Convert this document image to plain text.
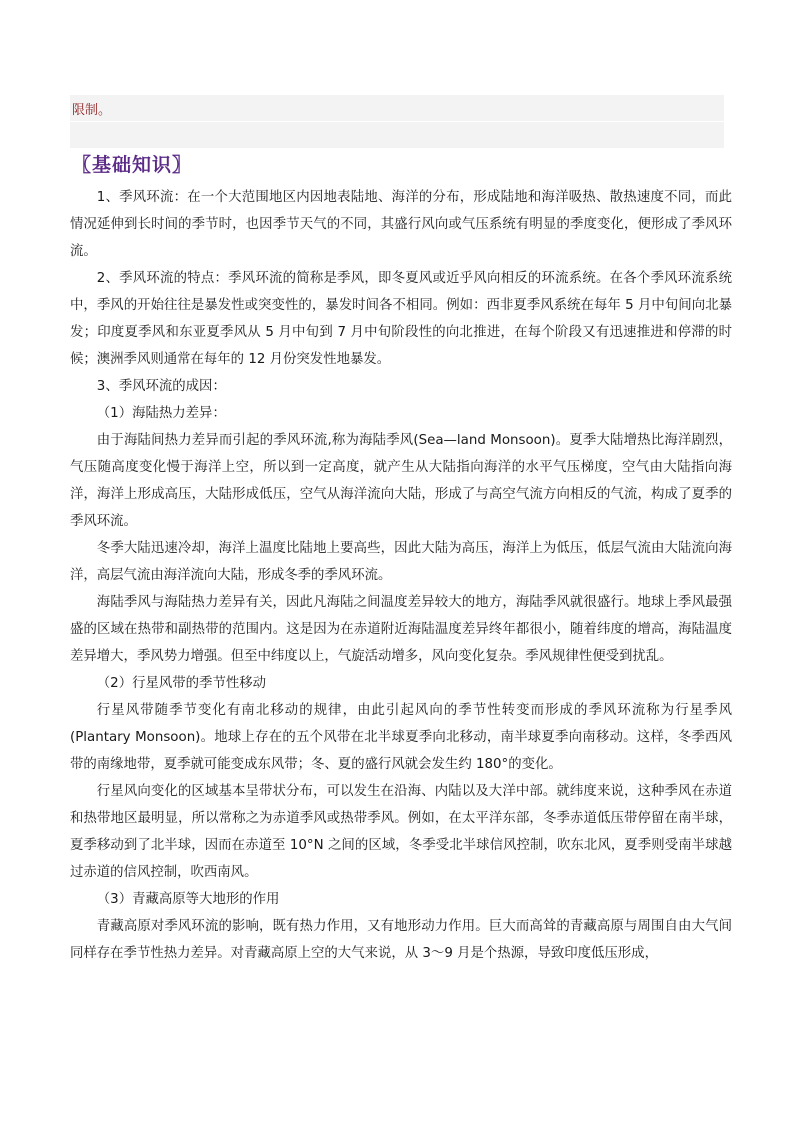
限制。
〖基础知识〗

1、季风环流：在一个大范围地区内因地表陆地、海洋的分布，形成陆地和海洋吸热、散热速度不同，而此情况延伸到长时间的季节时，也因季节天气的不同，其盛行风向或气压系统有明显的季度变化，便形成了季风环流。

2、季风环流的特点：季风环流的简称是季风，即冬夏风或近乎风向相反的环流系统。在各个季风环流系统中，季风的开始往往是暴发性或突变性的，暴发时间各不相同。例如：西非夏季风系统在每年 5 月中旬间向北暴发；印度夏季风和东亚夏季风从 5 月中旬到 7 月中旬阶段性的向北推进，在每个阶段又有迅速推进和停滞的时候；澳洲季风则通常在每年的 12 月份突发性地暴发。

3、季风环流的成因：

（1）海陆热力差异：

由于海陆间热力差异而引起的季风环流,称为海陆季风(Sea—land Monsoon)。夏季大陆增热比海洋剧烈，气压随高度变化慢于海洋上空，所以到一定高度，就产生从大陆指向海洋的水平气压梯度，空气由大陆指向海洋，海洋上形成高压，大陆形成低压，空气从海洋流向大陆，形成了与高空气流方向相反的气流，构成了夏季的季风环流。

冬季大陆迅速冷却，海洋上温度比陆地上要高些，因此大陆为高压，海洋上为低压，低层气流由大陆流向海洋，高层气流由海洋流向大陆，形成冬季的季风环流。

海陆季风与海陆热力差异有关，因此凡海陆之间温度差异较大的地方，海陆季风就很盛行。地球上季风最强盛的区域在热带和副热带的范围内。这是因为在赤道附近海陆温度差异终年都很小，随着纬度的增高，海陆温度差异增大，季风势力增强。但至中纬度以上，气旋活动增多，风向变化复杂。季风规律性便受到扰乱。

（2）行星风带的季节性移动

行星风带随季节变化有南北移动的规律，由此引起风向的季节性转变而形成的季风环流称为行星季风(Plantary Monsoon)。地球上存在的五个风带在北半球夏季向北移动，南半球夏季向南移动。这样，冬季西风带的南缘地带，夏季就可能变成东风带；冬、夏的盛行风就会发生约 180°的变化。

行星风向变化的区域基本呈带状分布，可以发生在沿海、内陆以及大洋中部。就纬度来说，这种季风在赤道和热带地区最明显，所以常称之为赤道季风或热带季风。例如，在太平洋东部，冬季赤道低压带停留在南半球，夏季移动到了北半球，因而在赤道至 10°N 之间的区域，冬季受北半球信风控制，吹东北风，夏季则受南半球越过赤道的信风控制，吹西南风。

（3）青藏高原等大地形的作用

青藏高原对季风环流的影响，既有热力作用，又有地形动力作用。巨大而高耸的青藏高原与周围自由大气间同样存在季节性热力差异。对青藏高原上空的大气来说，从 3～9 月是个热源，导致印度低压形成，
